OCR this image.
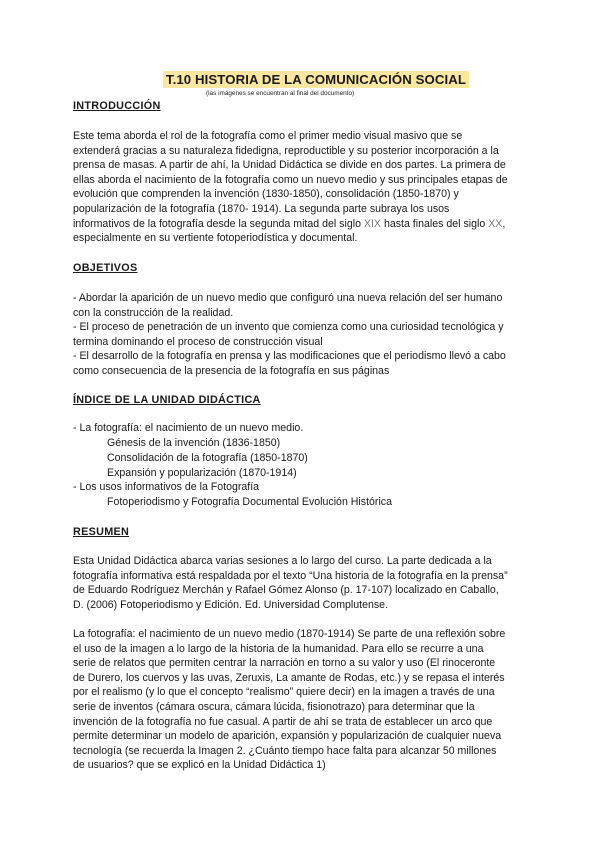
T.10 HISTORIA DE LA COMUNICACIÓN SOCIAL
(las imágenes se encuentran al final del documento)
INTRODUCCIÓN
Este tema aborda el rol de la fotografía como el primer medio visual masivo que se
extenderá gracias a su naturaleza fidedigna, reproductible y su posterior incorporación a la
prensa de masas. A partir de ahí, la Unidad Didáctica se divide en dos partes. La primera de
ellas aborda el nacimiento de la fotografía como un nuevo medio y sus principales etapas de
evolución que comprenden la invención (1830-1850), consolidación (1850-1870) y
popularización de la fotografía (1870- 1914). La segunda parte subraya los usos
informativos de la fotografía desde la segunda mitad del siglo XIX hasta finales del siglo XX,
especialmente en su vertiente fotoperiodística y documental.
OBJETIVOS
- Abordar la aparición de un nuevo medio que configuró una nueva relación del ser humano
con la construcción de la realidad.
- El proceso de penetración de un invento que comienza como una curiosidad tecnológica y
termina dominando el proceso de construcción visual
- El desarrollo de la fotografía en prensa y las modificaciones que el periodismo llevó a cabo
como consecuencia de la presencia de la fotografía en sus páginas
ÍNDICE DE LA UNIDAD DIDÁCTICA
- La fotografía: el nacimiento de un nuevo medio.
Génesis de la invención (1836-1850)
Consolidación de la fotografía (1850-1870)
Expansión y popularización (1870-1914)
- Los usos informativos de la Fotografía
Fotoperiodismo y Fotografía Documental Evolución Histórica
RESUMEN
Esta Unidad Didáctica abarca varias sesiones a lo largo del curso. La parte dedicada a la
fotografía informativa está respaldada por el texto “Una historia de la fotografía en la prensa”
de Eduardo Rodríguez Merchán y Rafael Gómez Alonso (p. 17-107) localizado en Caballo,
D. (2006) Fotoperiodismo y Edición. Ed. Universidad Complutense.
La fotografía: el nacimiento de un nuevo medio (1870-1914) Se parte de una reflexión sobre
el uso de la imagen a lo largo de la historia de la humanidad. Para ello se recurre a una
serie de relatos que permiten centrar la narración en torno a su valor y uso (El rinoceronte
de Durero, los cuervos y las uvas, Zeruxis, La amante de Rodas, etc.) y se repasa el interés
por el realismo (y lo que el concepto “realismo” quiere decir) en la imagen a través de una
serie de inventos (cámara oscura, cámara lúcida, fisionotrazo) para determinar que la
invención de la fotografía no fue casual. A partir de ahí se trata de establecer un arco que
permite determinar un modelo de aparición, expansión y popularización de cualquier nueva
tecnología (se recuerda la Imagen 2. ¿Cuánto tiempo hace falta para alcanzar 50 millones
de usuarios? que se explicó en la Unidad Didáctica 1)
